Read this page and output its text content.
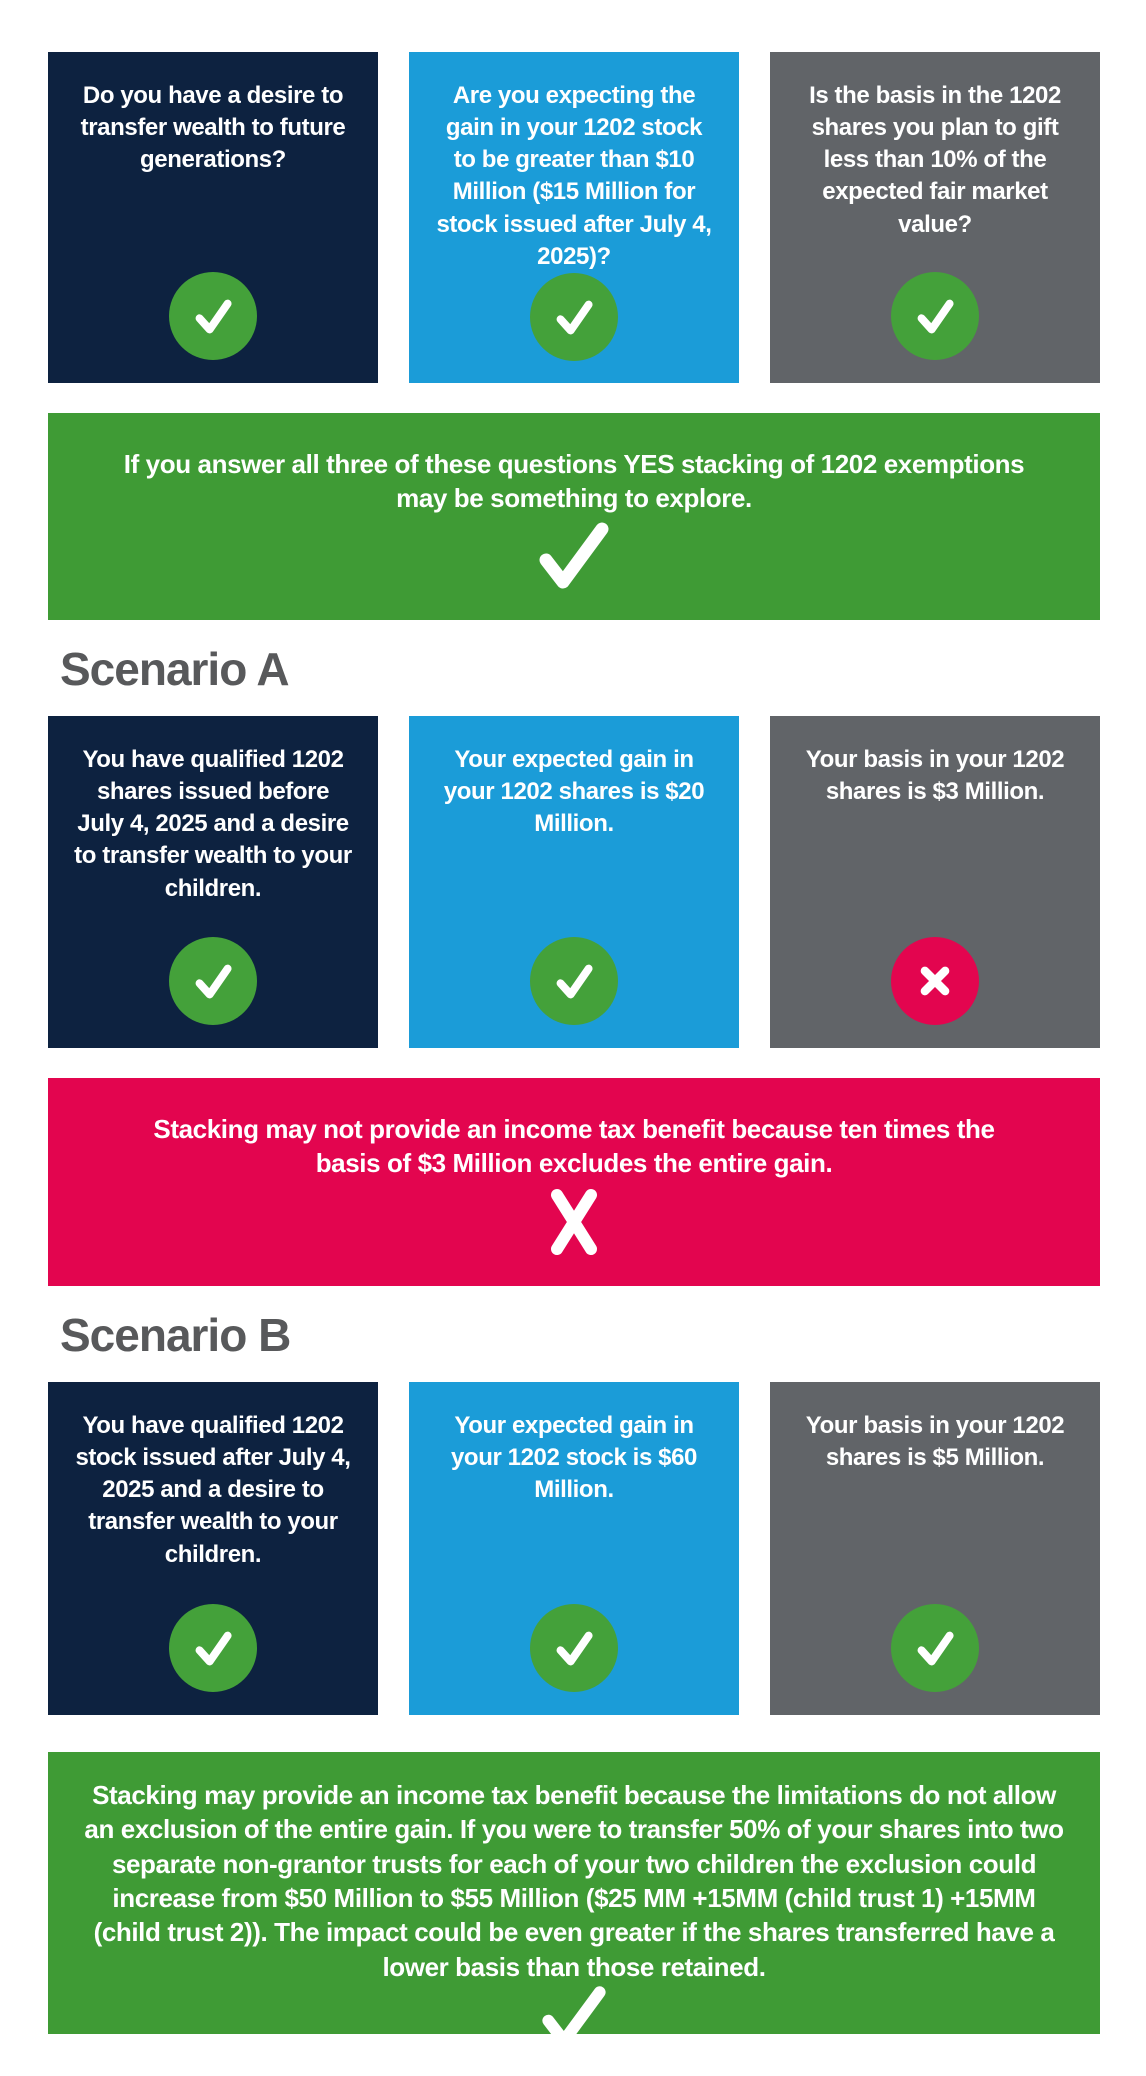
Do you have a desire to transfer wealth to future generations?
Are you expecting the gain in your 1202 stock to be greater than $10 Million ($15 Million for stock issued after July 4, 2025)?
Is the basis in the 1202 shares you plan to gift less than 10% of the expected fair market value?
If you answer all three of these questions YES stacking of 1202 exemptions may be something to explore.
Scenario A
You have qualified 1202 shares issued before July 4, 2025 and a desire to transfer wealth to your children.
Your expected gain in your 1202 shares is $20 Million.
Your basis in your 1202 shares is $3 Million.
Stacking may not provide an income tax benefit because ten times the basis of $3 Million excludes the entire gain.
Scenario B
You have qualified 1202 stock issued after July 4, 2025 and a desire to transfer wealth to your children.
Your expected gain in your 1202 stock is $60 Million.
Your basis in your 1202 shares is $5 Million.
Stacking may provide an income tax benefit because the limitations do not allow an exclusion of the entire gain. If you were to transfer 50% of your shares into two separate non-grantor trusts for each of your two children the exclusion could increase from $50 Million to $55 Million ($25 MM +15MM (child trust 1) +15MM (child trust 2)). The impact could be even greater if the shares transferred have a lower basis than those retained.
